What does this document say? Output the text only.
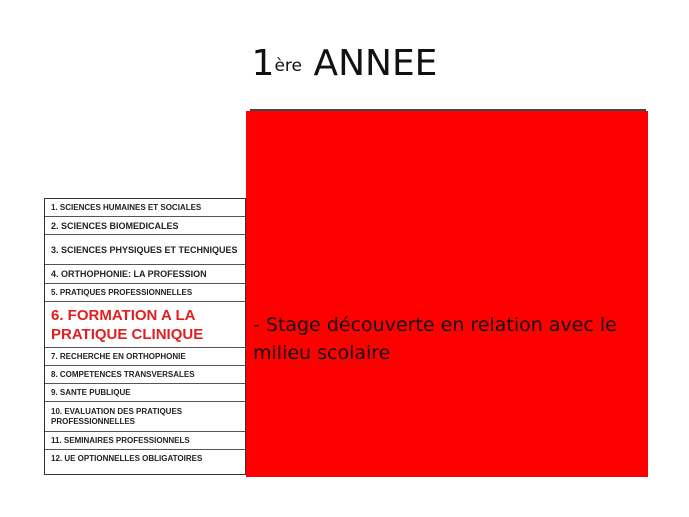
1ère ANNEE
1. SCIENCES HUMAINES ET SOCIALES
2. SCIENCES BIOMEDICALES
3. SCIENCES PHYSIQUES ET TECHNIQUES
4. ORTHOPHONIE: LA PROFESSION
5. PRATIQUES PROFESSIONNELLES
6. FORMATION A LA PRATIQUE CLINIQUE
7. RECHERCHE EN ORTHOPHONIE
8. COMPETENCES TRANSVERSALES
9. SANTE PUBLIQUE
10. EVALUATION DES PRATIQUES PROFESSIONNELLES
11. SEMINAIRES PROFESSIONNELS
12. UE OPTIONNELLES OBLIGATOIRES
- Stage découverte en relation avec le milieu scolaire
